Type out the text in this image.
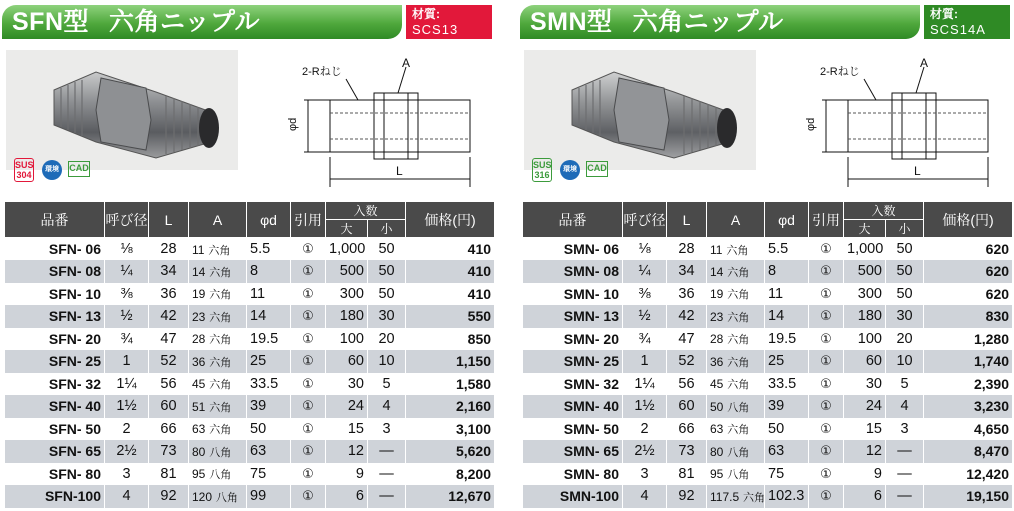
SFN型 六角ニップル	材質:
SCS13
SUS
304
環境配慮
CAD
2-Rねじ
A
φd
L
品番	呼び径	L	A	φd	引用	入数		価格(円)
						大	小	
SFN- 06	⅛	28	11 六角	5.5	①	1,000	50	410
SFN- 08	¼	34	14 六角	8	①	500	50	410
SFN- 10	⅜	36	19 六角	11	①	300	50	410
SFN- 13	½	42	23 六角	14	①	180	30	550
SFN- 20	¾	47	28 六角	19.5	①	100	20	850
SFN- 25	1	52	36 六角	25	①	60	10	1,150
SFN- 32	1¼	56	45 六角	33.5	①	30	5	1,580
SFN- 40	1½	60	51 六角	39	①	24	4	2,160
SFN- 50	2	66	63 六角	50	①	15	3	3,100
SFN- 65	2½	73	80 八角	63	①	12	—	5,620
SFN- 80	3	81	95 八角	75	①	9	—	8,200
SFN-100	4	92	120 八角	99	①	6	—	12,670
SMN型 六角ニップル	材質:
SCS14A
SUS
316
環境配慮
CAD
2-Rねじ
A
φd
L
品番	呼び径	L	A	φd	引用	入数		価格(円)
						大	小	
SMN- 06	⅛	28	11 六角	5.5	①	1,000	50	620
SMN- 08	¼	34	14 六角	8	①	500	50	620
SMN- 10	⅜	36	19 六角	11	①	300	50	620
SMN- 13	½	42	23 六角	14	①	180	30	830
SMN- 20	¾	47	28 六角	19.5	①	100	20	1,280
SMN- 25	1	52	36 六角	25	①	60	10	1,740
SMN- 32	1¼	56	45 六角	33.5	①	30	5	2,390
SMN- 40	1½	60	50 八角	39	①	24	4	3,230
SMN- 50	2	66	63 六角	50	①	15	3	4,650
SMN- 65	2½	73	80 八角	63	①	12	—	8,470
SMN- 80	3	81	95 八角	75	①	9	—	12,420
SMN-100	4	92	117.5 六角	102.3	①	6	—	19,150
